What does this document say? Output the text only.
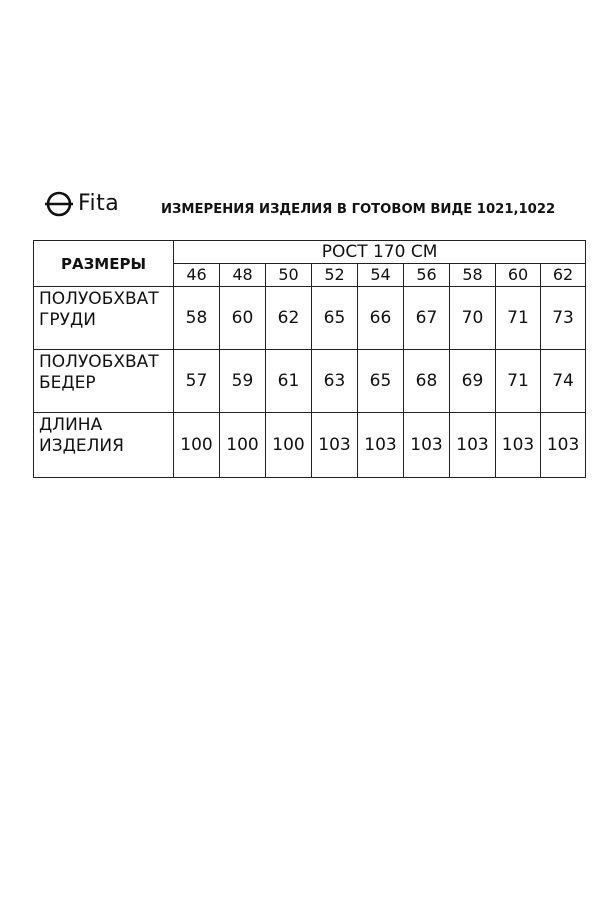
Fita	ИЗМЕРЕНИЯ ИЗДЕЛИЯ В ГОТОВОМ ВИДЕ 1021,1022
РАЗМЕРЫ	РОСТ 170 СМ								
	46	48	50	52	54	56	58	60	62

ПОЛУОБХВАТ
ГРУДИ	58	60	62	65	66	67	70	71	73

ПОЛУОБХВАТ
БЕДЕР	57	59	61	63	65	68	69	71	74

ДЛИНА
ИЗДЕЛИЯ	100	100	100	103	103	103	103	103	103
